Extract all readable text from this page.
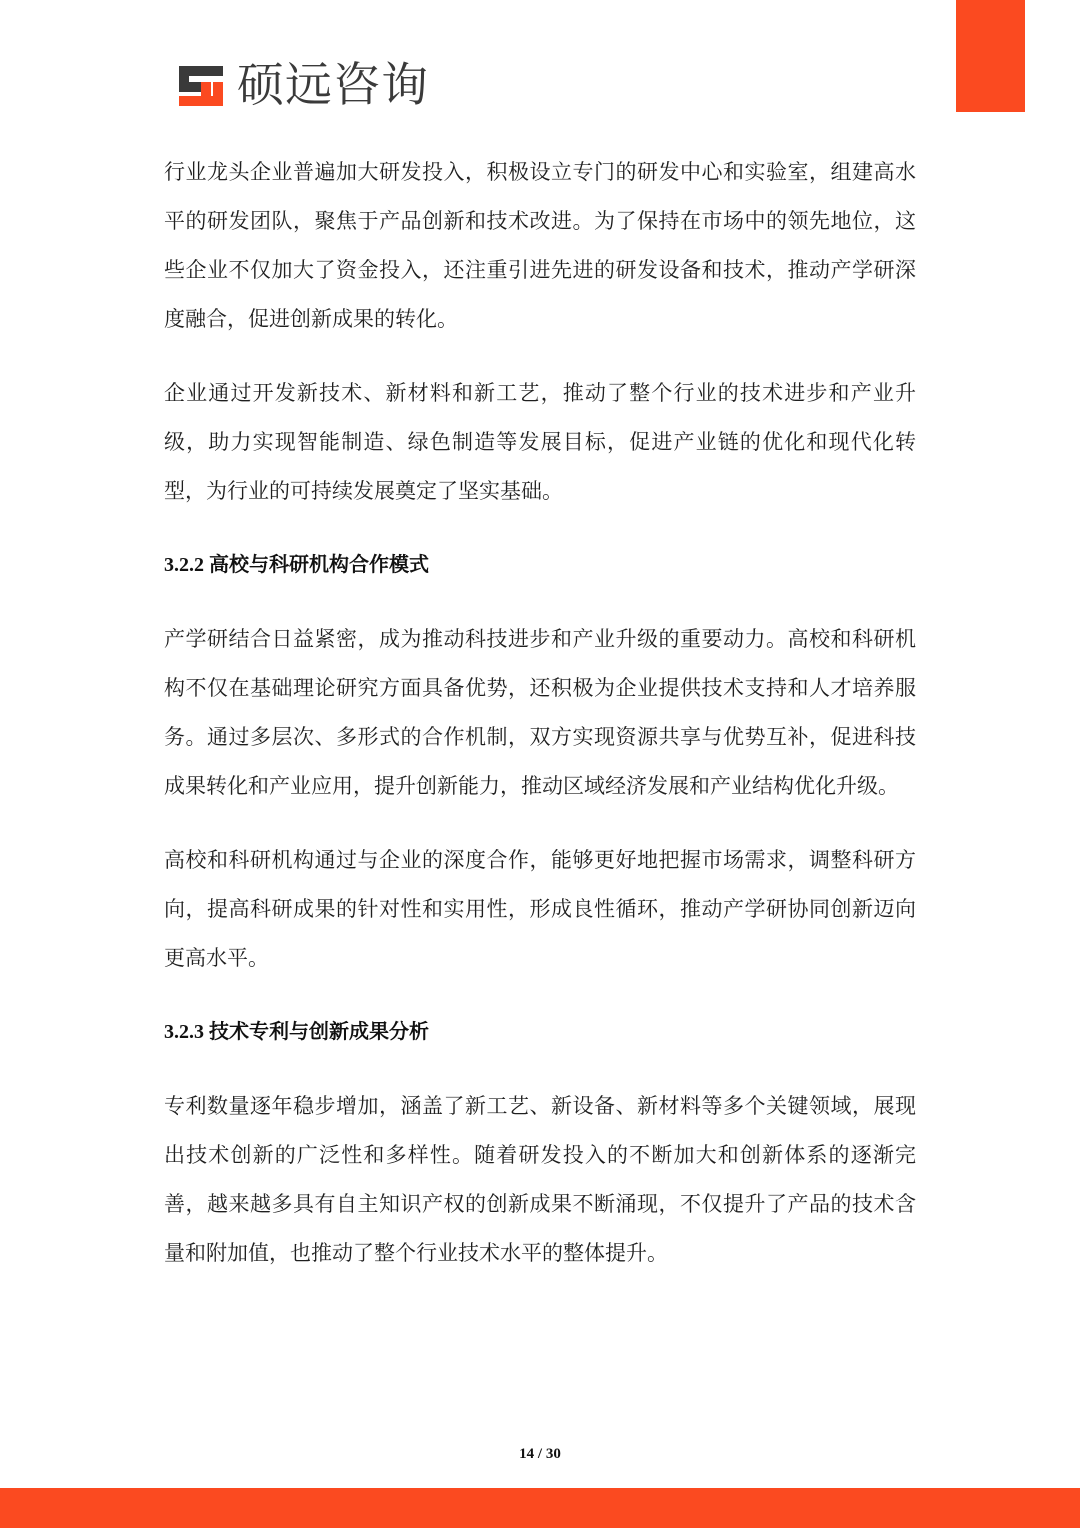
硕远咨询

行业龙头企业普遍加大研发投入，积极设立专门的研发中心和实验室，组建高水平的研发团队，聚焦于产品创新和技术改进。为了保持在市场中的领先地位，这些企业不仅加大了资金投入，还注重引进先进的研发设备和技术，推动产学研深度融合，促进创新成果的转化。

企业通过开发新技术、新材料和新工艺，推动了整个行业的技术进步和产业升级，助力实现智能制造、绿色制造等发展目标，促进产业链的优化和现代化转型，为行业的可持续发展奠定了坚实基础。

3.2.2 高校与科研机构合作模式

产学研结合日益紧密，成为推动科技进步和产业升级的重要动力。高校和科研机构不仅在基础理论研究方面具备优势，还积极为企业提供技术支持和人才培养服务。通过多层次、多形式的合作机制，双方实现资源共享与优势互补，促进科技成果转化和产业应用，提升创新能力，推动区域经济发展和产业结构优化升级。

高校和科研机构通过与企业的深度合作，能够更好地把握市场需求，调整科研方向，提高科研成果的针对性和实用性，形成良性循环，推动产学研协同创新迈向更高水平。

3.2.3 技术专利与创新成果分析

专利数量逐年稳步增加，涵盖了新工艺、新设备、新材料等多个关键领域，展现出技术创新的广泛性和多样性。随着研发投入的不断加大和创新体系的逐渐完善，越来越多具有自主知识产权的创新成果不断涌现，不仅提升了产品的技术含量和附加值，也推动了整个行业技术水平的整体提升。

14 / 30
